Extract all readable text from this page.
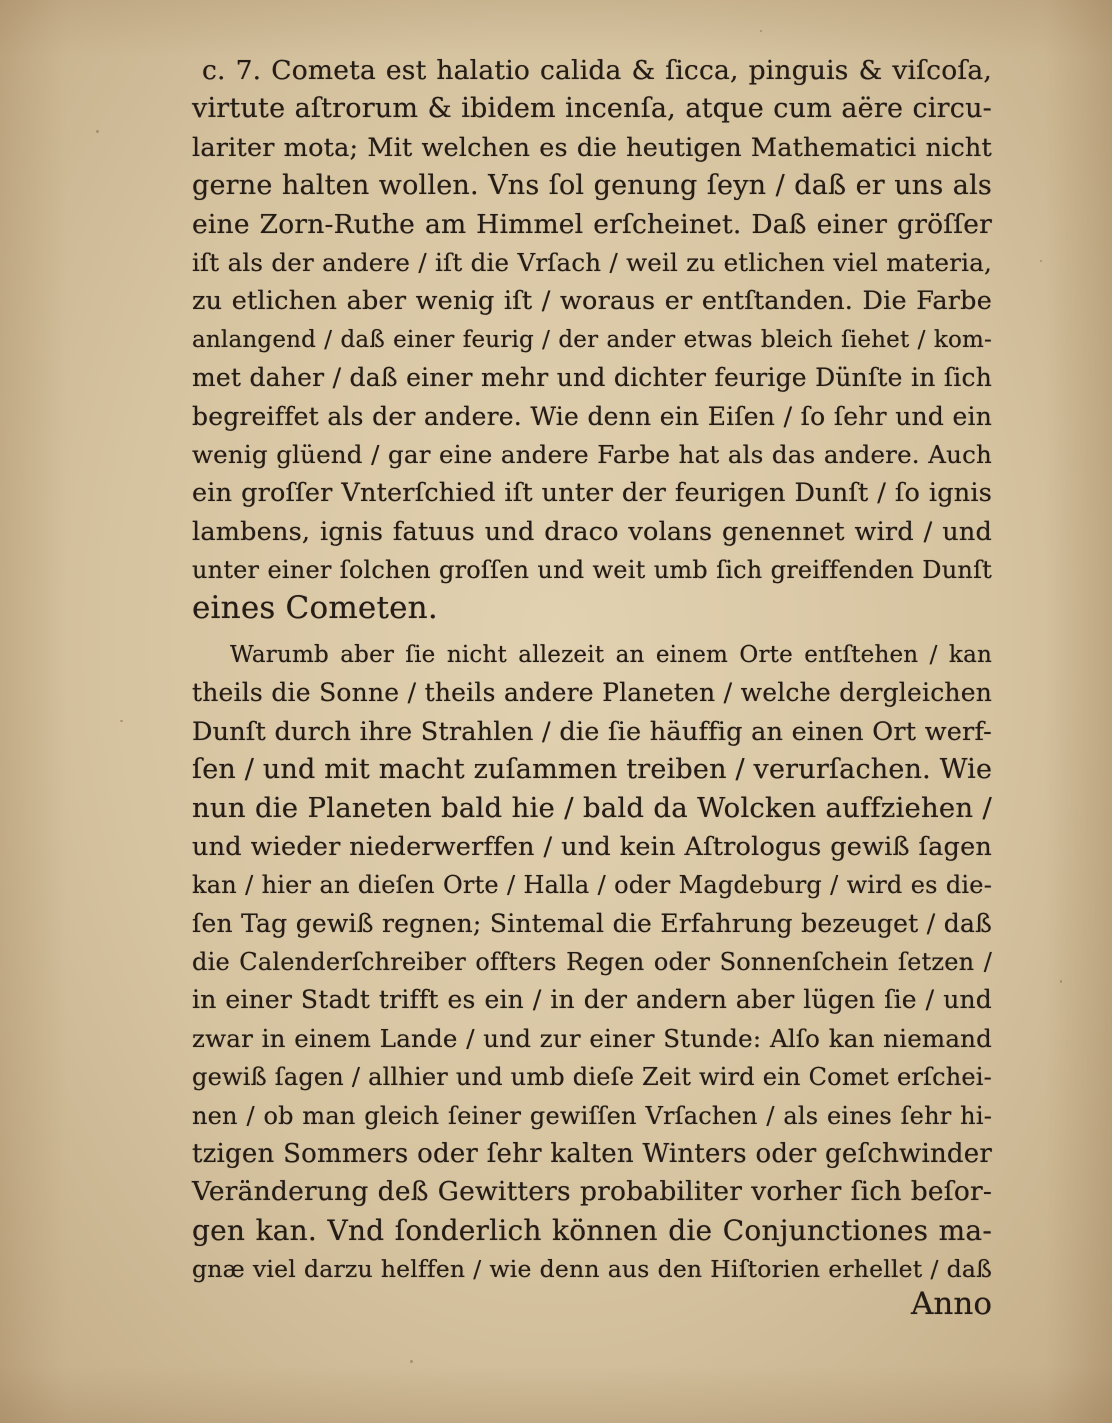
c. 7. Cometa est halatio calida & ſicca, pinguis & viſcoſa,
virtute aſtrorum & ibidem incenſa, atque cum aëre circu-
lariter mota; Mit welchen es die heutigen Mathematici nicht
gerne halten wollen. Vns ſol genung ſeyn / daß er uns als
eine Zorn-Ruthe am Himmel erſcheinet. Daß einer gröſſer
iſt als der andere / iſt die Vrſach / weil zu etlichen viel materia,
zu etlichen aber wenig iſt / woraus er entſtanden. Die Farbe
anlangend / daß einer feurig / der ander etwas bleich ſiehet / kom-
met daher / daß einer mehr und dichter feurige Dünſte in ſich
begreiffet als der andere. Wie denn ein Eiſen / ſo ſehr und ein
wenig glüend / gar eine andere Farbe hat als das andere. Auch
ein groſſer Vnterſchied iſt unter der feurigen Dunſt / ſo ignis
lambens, ignis fatuus und draco volans genennet wird / und
unter einer ſolchen groſſen und weit umb ſich greiffenden Dunſt
eines Cometen.
Warumb aber ſie nicht allezeit an einem Orte entſtehen / kan
theils die Sonne / theils andere Planeten / welche dergleichen
Dunſt durch ihre Strahlen / die ſie häuffig an einen Ort werf-
ſen / und mit macht zuſammen treiben / verurſachen. Wie
nun die Planeten bald hie / bald da Wolcken auffziehen /
und wieder niederwerffen / und kein Aſtrologus gewiß ſagen
kan / hier an dieſen Orte / Halla / oder Magdeburg / wird es die-
ſen Tag gewiß regnen; Sintemal die Erfahrung bezeuget / daß
die Calenderſchreiber offters Regen oder Sonnenſchein ſetzen /
in einer Stadt trifft es ein / in der andern aber lügen ſie / und
zwar in einem Lande / und zur einer Stunde: Alſo kan niemand
gewiß ſagen / allhier und umb dieſe Zeit wird ein Comet erſchei-
nen / ob man gleich ſeiner gewiſſen Vrſachen / als eines ſehr hi-
tzigen Sommers oder ſehr kalten Winters oder geſchwinder
Veränderung deß Gewitters probabiliter vorher ſich beſor-
gen kan. Vnd ſonderlich können die Conjunctiones ma-
gnæ viel darzu helffen / wie denn aus den Hiſtorien erhellet / daß
Anno
